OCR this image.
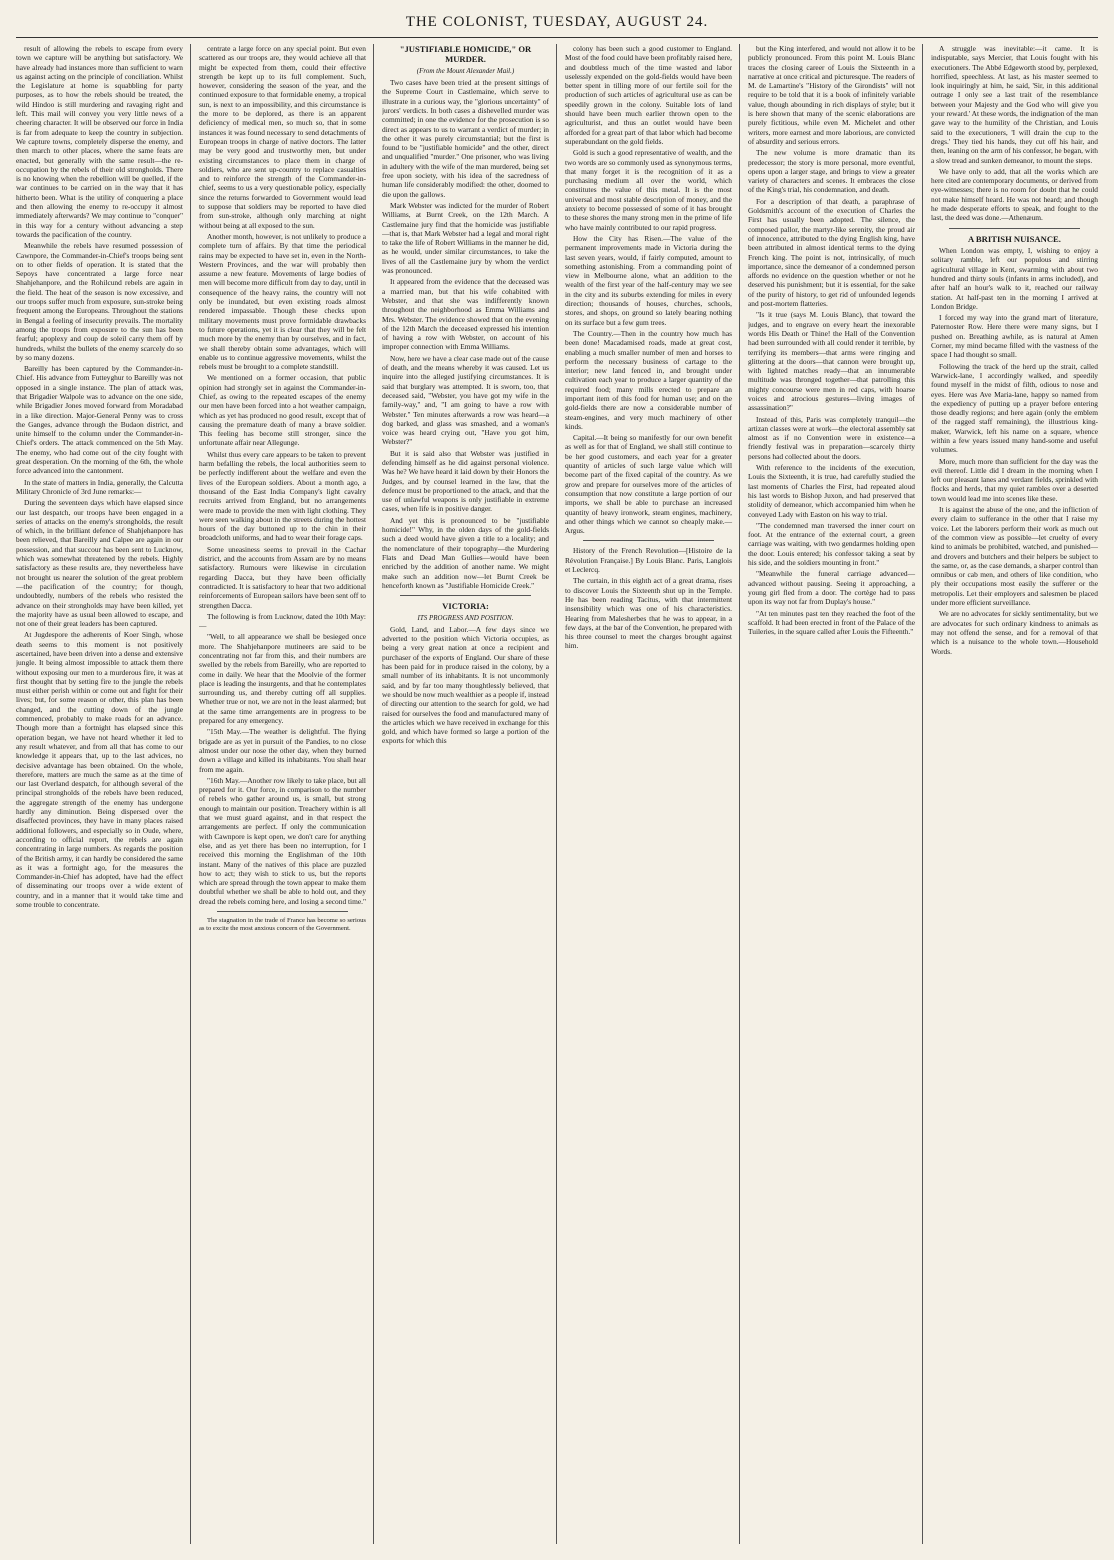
THE COLONIST, TUESDAY, AUGUST 24.

result of allowing the rebels to escape from every town we capture will be anything but satisfactory. We have already had instances more than sufficient to warn us against acting on the principle of conciliation. Whilst the Legislature at home is squabbling for party purposes, as to how the rebels should be treated, the wild Hindoo is still murdering and ravaging right and left. This mail will convey you very little news of a cheering character. It will be observed our force in India is far from adequate to keep the country in subjection. We capture towns, completely disperse the enemy, and then march to other places, where the same feats are enacted, but generally with the same result—the re-occupation by the rebels of their old strongholds. There is no knowing when the rebellion will be quelled, if the war continues to be carried on in the way that it has hitherto been. What is the utility of conquering a place and then allowing the enemy to re-occupy it almost immediately afterwards? We may continue to "conquer" in this way for a century without advancing a step towards the pacification of the country.

Meanwhile the rebels have resumed possession of Cawnpore, the Commander-in-Chief's troops being sent on to other fields of operation. It is stated that the Sepoys have concentrated a large force near Shahjehanpore, and the Rohilcund rebels are again in the field. The heat of the season is now excessive, and our troops suffer much from exposure, sun-stroke being frequent among the Europeans. Throughout the stations in Bengal a feeling of insecurity prevails. The mortality among the troops from exposure to the sun has been fearful; apoplexy and coup de soleil carry them off by hundreds, whilst the bullets of the enemy scarcely do so by so many dozens.

Bareilly has been captured by the Commander-in-Chief. His advance from Futteyghur to Bareilly was not opposed in a single instance. The plan of attack was, that Brigadier Walpole was to advance on the one side, while Brigadier Jones moved forward from Moradabad in a like direction. Major-General Penny was to cross the Ganges, advance through the Budaon district, and unite himself to the column under the Commander-in-Chief's orders. The attack commenced on the 5th May. The enemy, who had come out of the city fought with great desperation. On the morning of the 6th, the whole force advanced into the cantonment.

In the state of matters in India, generally, the Calcutta Military Chronicle of 3rd June remarks:—

During the seventeen days which have elapsed since our last despatch, our troops have been engaged in a series of attacks on the enemy's strongholds, the result of which, in the brilliant defence of Shahjehanpore has been relieved, that Bareilly and Calpee are again in our possession, and that succour has been sent to Lucknow, which was somewhat threatened by the rebels. Highly satisfactory as these results are, they nevertheless have not brought us nearer the solution of the great problem—the pacification of the country; for though, undoubtedly, numbers of the rebels who resisted the advance on their strongholds may have been killed, yet the majority have as usual been allowed to escape, and not one of their great leaders has been captured.

At Jugdespore the adherents of Koer Singh, whose death seems to this moment is not positively ascertained, have been driven into a dense and extensive jungle. It being almost impossible to attack them there without exposing our men to a murderous fire, it was at first thought that by setting fire to the jungle the rebels must either perish within or come out and fight for their lives; but, for some reason or other, this plan has been changed, and the cutting down of the jungle commenced, probably to make roads for an advance. Though more than a fortnight has elapsed since this operation began, we have not heard whether it led to any result whatever, and from all that has come to our knowledge it appears that, up to the last advices, no decisive advantage has been obtained. On the whole, therefore, matters are much the same as at the time of our last Overland despatch, for although several of the principal strongholds of the rebels have been reduced, the aggregate strength of the enemy has undergone hardly any diminution. Being dispersed over the disaffected provinces, they have in many places raised additional followers, and especially so in Oude, where, according to official report, the rebels are again concentrating in large numbers. As regards the position of the British army, it can hardly be considered the same as it was a fortnight ago, for the measures the Commander-in-Chief has adopted, have had the effect of disseminating our troops over a wide extent of country, and in a manner that it would take time and some trouble to concentrate.

centrate a large force on any special point. But even scattered as our troops are, they would achieve all that might be expected from them, could their effective strength be kept up to its full complement. Such, however, considering the season of the year, and the continued exposure to that formidable enemy, a tropical sun, is next to an impossibility, and this circumstance is the more to be deplored, as there is an apparent deficiency of medical men, so much so, that in some instances it was found necessary to send detachments of European troops in charge of native doctors. The latter may be very good and trustworthy men, but under existing circumstances to place them in charge of soldiers, who are sent up-country to replace casualties and to reinforce the strength of the Commander-in-chief, seems to us a very questionable policy, especially since the returns forwarded to Government would lead to suppose that soldiers may be reported to have died from sun-stroke, although only marching at night without being at all exposed to the sun.

Another month, however, is not unlikely to produce a complete turn of affairs. By that time the periodical rains may be expected to have set in, even in the North-Western Provinces, and the war will probably then assume a new feature. Movements of large bodies of men will become more difficult from day to day, until in consequence of the heavy rains, the country will not only be inundated, but even existing roads almost rendered impassable. Though these checks upon military movements must prove formidable drawbacks to future operations, yet it is clear that they will be felt much more by the enemy than by ourselves, and in fact, we shall thereby obtain some advantages, which will enable us to continue aggressive movements, whilst the rebels must be brought to a complete standstill.

We mentioned on a former occasion, that public opinion had strongly set in against the Commander-in-Chief, as owing to the repeated escapes of the enemy our men have been forced into a hot weather campaign, which as yet has produced no good result, except that of causing the premature death of many a brave soldier. This feeling has become still stronger, since the unfortunate affair near Allegunge.

Whilst thus every care appears to be taken to prevent harm befalling the rebels, the local authorities seem to be perfectly indifferent about the welfare and even the lives of the European soldiers. About a month ago, a thousand of the East India Company's light cavalry recruits arrived from England, but no arrangements were made to provide the men with light clothing. They were seen walking about in the streets during the hottest hours of the day buttoned up to the chin in their broadcloth uniforms, and had to wear their forage caps.

Some uneasiness seems to prevail in the Cachar district, and the accounts from Assam are by no means satisfactory. Rumours were likewise in circulation regarding Dacca, but they have been officially contradicted. It is satisfactory to hear that two additional reinforcements of European sailors have been sent off to strengthen Dacca.

The following is from Lucknow, dated the 10th May:—

"Well, to all appearance we shall be besieged once more. The Shahjehanpore mutineers are said to be concentrating not far from this, and their numbers are swelled by the rebels from Bareilly, who are reported to come in daily. We hear that the Moolvie of the former place is leading the insurgents, and that he contemplates surrounding us, and thereby cutting off all supplies. Whether true or not, we are not in the least alarmed; but at the same time arrangements are in progress to be prepared for any emergency.

"15th May.—The weather is delightful. The flying brigade are as yet in pursuit of the Pandies, to no close almost under our nose the other day, when they burned down a village and killed its inhabitants. You shall hear from me again.

"16th May.—Another row likely to take place, but all prepared for it. Our force, in comparison to the number of rebels who gather around us, is small, but strong enough to maintain our position. Treachery within is all that we must guard against, and in that respect the arrangements are perfect. If only the communication with Cawnpore is kept open, we don't care for anything else, and as yet there has been no interruption, for I received this morning the Englishman of the 10th instant. Many of the natives of this place are puzzled how to act; they wish to stick to us, but the reports which are spread through the town appear to make them doubtful whether we shall be able to hold out, and they dread the rebels coming here, and losing a second time."

The stagnation in the trade of France has become so serious as to excite the most anxious concern of the Government.

"JUSTIFIABLE HOMICIDE," OR MURDER.

(From the Mount Alexander Mail.)

Two cases have been tried at the present sittings of the Supreme Court in Castlemaine, which serve to illustrate in a curious way, the "glorious uncertainty" of jurors' verdicts. In both cases a dishevelled murder was committed; in one the evidence for the prosecution is so direct as appears to us to warrant a verdict of murder; in the other it was purely circumstantial; but the first is found to be "justifiable homicide" and the other, direct and unqualified "murder." One prisoner, who was living in adultery with the wife of the man murdered, being set free upon society, with his idea of the sacredness of human life considerably modified: the other, doomed to die upon the gallows.

Mark Webster was indicted for the murder of Robert Williams, at Burnt Creek, on the 12th March. A Castlemaine jury find that the homicide was justifiable—that is, that Mark Webster had a legal and moral right to take the life of Robert Williams in the manner he did, as he would, under similar circumstances, to take the lives of all the Castlemaine jury by whom the verdict was pronounced.

It appeared from the evidence that the deceased was a married man, but that his wife cohabited with Webster, and that she was indifferently known throughout the neighborhood as Emma Williams and Mrs. Webster. The evidence showed that on the evening of the 12th March the deceased expressed his intention of having a row with Webster, on account of his improper connection with Emma Williams.

Now, here we have a clear case made out of the cause of death, and the means whereby it was caused. Let us inquire into the alleged justifying circumstances. It is said that burglary was attempted. It is sworn, too, that deceased said, "Webster, you have got my wife in the family-way," and, "I am going to have a row with Webster." Ten minutes afterwards a row was heard—a dog barked, and glass was smashed, and a woman's voice was heard crying out, "Have you got him, Webster?"

But it is said also that Webster was justified in defending himself as he did against personal violence. Was he? We have heard it laid down by their Honors the Judges, and by counsel learned in the law, that the defence must be proportioned to the attack, and that the use of unlawful weapons is only justifiable in extreme cases, when life is in positive danger.

And yet this is pronounced to be "justifiable homicide!" Why, in the olden days of the gold-fields such a deed would have given a title to a locality; and the nomenclature of their topography—the Murdering Flats and Dead Man Gullies—would have been enriched by the addition of another name. We might make such an addition now—let Burnt Creek be henceforth known as "Justifiable Homicide Creek."

VICTORIA:

ITS PROGRESS AND POSITION.

Gold, Land, and Labor.—A few days since we adverted to the position which Victoria occupies, as being a very great nation at once a recipient and purchaser of the exports of England. Our share of these has been paid for in produce raised in the colony, by a small number of its inhabitants. It is not uncommonly said, and by far too many thoughtlessly believed, that we should be now much wealthier as a people if, instead of directing our attention to the search for gold, we had raised for ourselves the food and manufactured many of the articles which we have received in exchange for this gold, and which have formed so large a portion of the exports for which this

colony has been such a good customer to England. Most of the food could have been profitably raised here, and doubtless much of the time wasted and labor uselessly expended on the gold-fields would have been better spent in tilling more of our fertile soil for the production of such articles of agricultural use as can be speedily grown in the colony. Suitable lots of land should have been much earlier thrown open to the agriculturist, and thus an outlet would have been afforded for a great part of that labor which had become superabundant on the gold fields.

Gold is such a good representative of wealth, and the two words are so commonly used as synonymous terms, that many forget it is the recognition of it as a purchasing medium all over the world, which constitutes the value of this metal. It is the most universal and most stable description of money, and the anxiety to become possessed of some of it has brought to these shores the many strong men in the prime of life who have mainly contributed to our rapid progress.

How the City has Risen.—The value of the permanent improvements made in Victoria during the last seven years, would, if fairly computed, amount to something astonishing. From a commanding point of view in Melbourne alone, what an addition to the wealth of the first year of the half-century may we see in the city and its suburbs extending for miles in every direction; thousands of houses, churches, schools, stores, and shops, on ground so lately bearing nothing on its surface but a few gum trees.

The Country.—Then in the country how much has been done! Macadamised roads, made at great cost, enabling a much smaller number of men and horses to perform the necessary business of cartage to the interior; new land fenced in, and brought under cultivation each year to produce a larger quantity of the required food; many mills erected to prepare an important item of this food for human use; and on the gold-fields there are now a considerable number of steam-engines, and very much machinery of other kinds.

Capital.—It being so manifestly for our own benefit as well as for that of England, we shall still continue to be her good customers, and each year for a greater quantity of articles of such large value which will become part of the fixed capital of the country. As we grow and prepare for ourselves more of the articles of consumption that now constitute a large portion of our imports, we shall be able to purchase an increased quantity of heavy ironwork, steam engines, machinery, and other things which we cannot so cheaply make.—Argus.

History of the French Revolution—[Histoire de la Révolution Française.] By Louis Blanc. Paris, Langlois et Leclercq.

The curtain, in this eighth act of a great drama, rises to discover Louis the Sixteenth shut up in the Temple. He has been reading Tacitus, with that intermittent insensibility which was one of his characteristics. Hearing from Malesherbes that he was to appear, in a few days, at the bar of the Convention, he prepared with his three counsel to meet the charges brought against him.

but the King interfered, and would not allow it to be publicly pronounced. From this point M. Louis Blanc traces the closing career of Louis the Sixteenth in a narrative at once critical and picturesque. The readers of M. de Lamartine's "History of the Girondists" will not require to be told that it is a book of infinitely variable value, though abounding in rich displays of style; but it is here shown that many of the scenic elaborations are purely fictitious, while even M. Michelet and other writers, more earnest and more laborious, are convicted of absurdity and serious errors.

The new volume is more dramatic than its predecessor; the story is more personal, more eventful, opens upon a larger stage, and brings to view a greater variety of characters and scenes. It embraces the close of the King's trial, his condemnation, and death.

For a description of that death, a paraphrase of Goldsmith's account of the execution of Charles the First has usually been adopted. The silence, the composed pallor, the martyr-like serenity, the proud air of innocence, attributed to the dying English king, have been attributed in almost identical terms to the dying French king. The point is not, intrinsically, of much importance, since the demeanor of a condemned person affords no evidence on the question whether or not he deserved his punishment; but it is essential, for the sake of the purity of history, to get rid of unfounded legends and post-mortem flatteries.

"Is it true (says M. Louis Blanc), that toward the judges, and to engrave on every heart the inexorable words His Death or Thine! the Hall of the Convention had been surrounded with all could render it terrible, by terrifying its members—that arms were ringing and glittering at the doors—that cannon were brought up, with lighted matches ready—that an innumerable multitude was thronged together—that patrolling this mighty concourse were men in red caps, with hoarse voices and atrocious gestures—living images of assassination?"

Instead of this, Paris was completely tranquil—the artizan classes were at work—the electoral assembly sat almost as if no Convention were in existence—a friendly festival was in preparation—scarcely thirty persons had collected about the doors.

With reference to the incidents of the execution, Louis the Sixteenth, it is true, had carefully studied the last moments of Charles the First, had repeated aloud his last words to Bishop Juxon, and had preserved that stolidity of demeanor, which accompanied him when he conveyed Lady with Easton on his way to trial.

"The condemned man traversed the inner court on foot. At the entrance of the external court, a green carriage was waiting, with two gendarmes holding open the door. Louis entered; his confessor taking a seat by his side, and the soldiers mounting in front."

"Meanwhile the funeral carriage advanced—advanced without pausing. Seeing it approaching, a young girl fled from a door. The cortège had to pass upon its way not far from Duplay's house."

"At ten minutes past ten they reached the foot of the scaffold. It had been erected in front of the Palace of the Tuileries, in the square called after Louis the Fifteenth."

A struggle was inevitable:—it came. It is indisputable, says Mercier, that Louis fought with his executioners. The Abbé Edgeworth stood by, perplexed, horrified, speechless. At last, as his master seemed to look inquiringly at him, he said, 'Sir, in this additional outrage I only see a last trait of the resemblance between your Majesty and the God who will give you your reward.' At these words, the indignation of the man gave way to the humility of the Christian, and Louis said to the executioners, 'I will drain the cup to the dregs.' They tied his hands, they cut off his hair, and then, leaning on the arm of his confessor, he began, with a slow tread and sunken demeanor, to mount the steps.

We have only to add, that all the works which are here cited are contemporary documents, or derived from eye-witnesses; there is no room for doubt that he could not make himself heard. He was not heard; and though he made desperate efforts to speak, and fought to the last, the deed was done.—Athenæum.

A BRITISH NUISANCE.

When London was empty, I, wishing to enjoy a solitary ramble, left our populous and stirring agricultural village in Kent, swarming with about two hundred and thirty souls (infants in arms included), and after half an hour's walk to it, reached our railway station. At half-past ten in the morning I arrived at London Bridge.

I forced my way into the grand mart of literature, Paternoster Row. Here there were many signs, but I pushed on. Breathing awhile, as is natural at Amen Corner, my mind became filled with the vastness of the space I had thought so small.

Following the track of the herd up the strait, called Warwick-lane, I accordingly walked, and speedily found myself in the midst of filth, odious to nose and eyes. Here was Ave Maria-lane, happy so named from the expediency of putting up a prayer before entering those deadly regions; and here again (only the emblem of the ragged staff remaining), the illustrious king-maker, Warwick, left his name on a square, whence within a few years issued many hand-some and useful volumes.

More, much more than sufficient for the day was the evil thereof. Little did I dream in the morning when I left our pleasant lanes and verdant fields, sprinkled with flocks and herds, that my quiet rambles over a deserted town would lead me into scenes like these.

It is against the abuse of the one, and the infliction of every claim to sufferance in the other that I raise my voice. Let the laborers perform their work as much out of the common view as possible—let cruelty of every kind to animals be prohibited, watched, and punished—and drovers and butchers and their helpers be subject to the same, or, as the case demands, a sharper control than omnibus or cab men, and others of like condition, who ply their occupations most easily the sufferer or the metropolis. Let their employers and salesmen be placed under more efficient surveillance.

We are no advocates for sickly sentimentality, but we are advocates for such ordinary kindness to animals as may not offend the sense, and for a removal of that which is a nuisance to the whole town.—Household Words.
